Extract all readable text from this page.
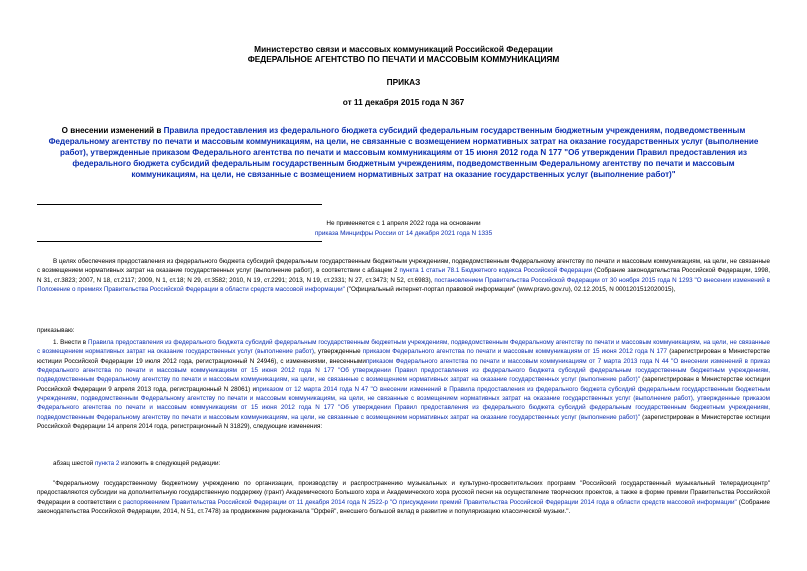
Министерство связи и массовых коммуникаций Российской Федерации
ФЕДЕРАЛЬНОЕ АГЕНТСТВО ПО ПЕЧАТИ И МАССОВЫМ КОММУНИКАЦИЯМ
ПРИКАЗ
от 11 декабря 2015 года N 367
О внесении изменений в Правила предоставления из федерального бюджета субсидий федеральным государственным бюджетным учреждениям, подведомственным Федеральному агентству по печати и массовым коммуникациям, на цели, не связанные с возмещением нормативных затрат на оказание государственных услуг (выполнение работ), утвержденные приказом Федерального агентства по печати и массовым коммуникациям от 15 июня 2012 года N 177 "Об утверждении Правил предоставления из федерального бюджета субсидий федеральным государственным бюджетным учреждениям, подведомственным Федеральному агентству по печати и массовым коммуникациям, на цели, не связанные с возмещением нормативных затрат на оказание государственных услуг (выполнение работ)"
Не применяется с 1 апреля 2022 года на основании
приказа Минцифры России от 14 декабря 2021 года N 1335
В целях обеспечения предоставления из федерального бюджета субсидий федеральным государственным бюджетным учреждениям, подведомственным Федеральному агентству по печати и массовым коммуникациям, на цели, не связанные с возмещением нормативных затрат на оказание государственных услуг (выполнение работ), в соответствии с абзацем 2 пункта 1 статьи 78.1 Бюджетного кодекса Российской Федерации (Собрание законодательства Российской Федерации, 1998, N 31, ст.3823; 2007, N 18, ст.2117; 2009, N 1, ст.18; N 29, ст.3582; 2010, N 19, ст.2291; 2013, N 19, ст.2331; N 27, ст.3473; N 52, ст.6983), постановлением Правительства Российской Федерации от 30 ноября 2015 года N 1293 "О внесении изменений в Положение о премиях Правительства Российской Федерации в области средств массовой информации" ("Официальный интернет-портал правовой информации" (www.pravo.gov.ru), 02.12.2015, N 0001201512020015),
приказываю:
1. Внести в Правила предоставления из федерального бюджета субсидий федеральным государственным бюджетным учреждениям, подведомственным Федеральному агентству по печати и массовым коммуникациям, на цели, не связанные с возмещением нормативных затрат на оказание государственных услуг (выполнение работ), утвержденные приказом Федерального агентства по печати и массовым коммуникациям от 15 июня 2012 года N 177 (зарегистрирован в Министерстве юстиции Российской Федерации 19 июля 2012 года, регистрационный N 24946), с изменениями, внесеннымиприказом Федерального агентства по печати и массовым коммуникациям от 7 марта 2013 года N 44 "О внесении изменений в приказ Федерального агентства по печати и массовым коммуникациям от 15 июня 2012 года N 177 "Об утверждении Правил предоставления из федерального бюджета субсидий федеральным государственным бюджетным учреждениям, подведомственным Федеральному агентству по печати и массовым коммуникациям, на цели, не связанные с возмещением нормативных затрат на оказание государственных услуг (выполнение работ)" (зарегистрирован в Министерстве юстиции Российской Федерации 9 апреля 2013 года, регистрационный N 28061) иприказом от 12 марта 2014 года N 47 "О внесении изменений в Правила предоставления из федерального бюджета субсидий федеральным государственным бюджетным учреждениям, подведомственным Федеральному агентству по печати и массовым коммуникациям, на цели, не связанные с возмещением нормативных затрат на оказание государственных услуг (выполнение работ), утвержденные приказом Федерального агентства по печати и массовым коммуникациям от 15 июня 2012 года N 177 "Об утверждении Правил предоставления из федерального бюджета субсидий федеральным государственным бюджетным учреждениям, подведомственным Федеральному агентству по печати и массовым коммуникациям, на цели, не связанные с возмещением нормативных затрат на оказание государственных услуг (выполнение работ)" (зарегистрирован в Министерстве юстиции Российской Федерации 14 апреля 2014 года, регистрационный N 31829), следующие изменения:
абзац шестой пункта 2 изложить в следующей редакции:
"Федеральному государственному бюджетному учреждению по организации, производству и распространению музыкальных и культурно-просветительских программ "Российский государственный музыкальный телерадиоцентр" предоставляются субсидии на дополнительную государственную поддержку (грант) Академического Большого хора и Академического хора русской песни на осуществление творческих проектов, а также в форме премии Правительства Российской Федерации в соответствии с распоряжением Правительства Российской Федерации от 11 декабря 2014 года N 2522-р "О присуждении премий Правительства Российской Федерации 2014 года в области средств массовой информации" (Собрание законодательства Российской Федерации, 2014, N 51, ст.7478) за продвижение радиоканала "Орфей", внесшего большой вклад в развитие и популяризацию классической музыки.".
